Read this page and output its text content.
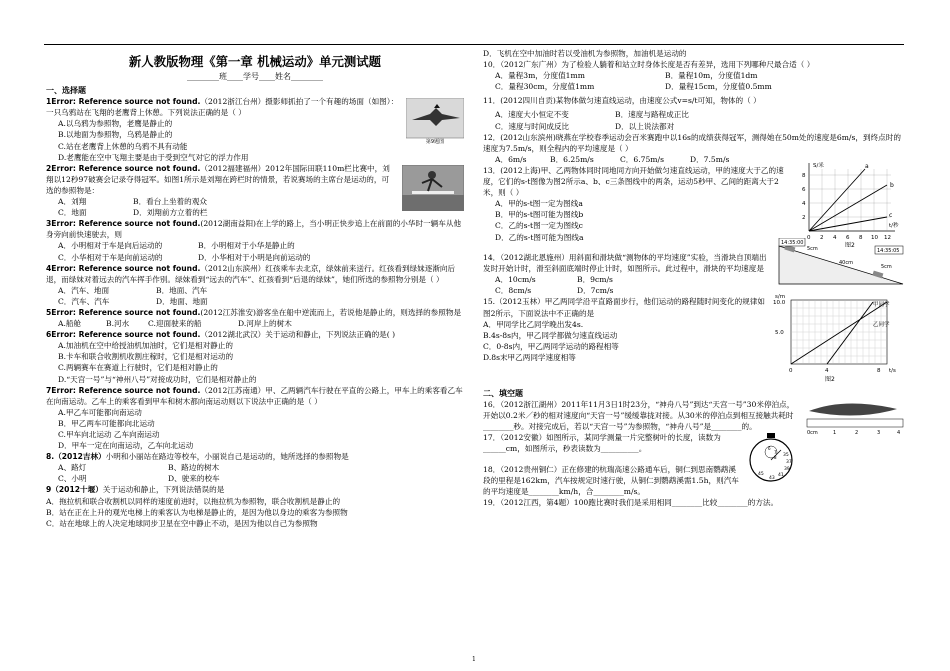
新人教版物理《第一章 机械运动》单元测试题
________班____学号____姓名________
一、选择题
第9题图
1Error: Reference source not found.（2012浙江台州）摄影师抓拍了一个有趣的场面（如图）：一只乌鸦站在飞翔的老鹰背上休憩。下列说法正确的是（ ）
A.以乌鸦为参照物，老鹰是静止的
B.以地面为参照物，乌鸦是静止的
C.站在老鹰背上休憩的乌鸦不具有动能
D.老鹰能在空中飞翔主要是由于受到空气对它的浮力作用
2Error: Reference source not found.（2012福建福州）2012年国际田联110m栏比赛中，刘翔以12秒97破赛会记录夺得冠军。如图1所示是刘翔在跨栏时的情景，若说赛场的主席台是运动的，可选的参照物是：
A．刘翔	B．看台上坐着的观众
C．地面	D．刘翔前方立着的栏
3Error: Reference source not found.(2012湖南益阳)在上学的路上，当小明正快步追上在前面的小华时一辆车从他身旁向前快速驶去，则
A．小明相对于车是向后运动的	B．小明相对于小华是静止的
C．小华相对于车是向前运动的	D．小华相对于小明是向前运动的
4Error: Reference source not found.（2012山东滨州）红孩乘车去北京，绿妹前来送行。红孩看到绿妹逐渐向后退，而绿妹对着远去的汽车挥手作别。绿妹看到“远去的汽车”、红孩看到“后退的绿妹”，她们所选的参照物分别是（ ）
A．汽车、地面	B．地面、汽车
C．汽车、汽车	D．地面、地面
5Error: Reference source not found.(2012江苏淮安)游客坐在船中逆流而上，若说他是静止的，则选择的参照物是
A.船舱	B.河水	C.迎面驶来的船	D.河岸上的树木
6Error: Reference source not found.（2012湖北武汉）关于运动和静止，下列说法正确的是( )
A.加油机在空中给授油机加油时，它们是相对静止的
B.卡车和联合收割机收割庄稼时，它们是相对运动的
C.两辆赛车在赛道上行驶时，它们是相对静止的
D.“天宫一号”与“神州八号”对接成功时，它们是相对静止的
7Error: Reference source not found.（2012江苏南通）甲、乙两辆汽车行驶在平直的公路上，甲车上的乘客看乙车在向南运动。乙车上的乘客看到甲车和树木都向南运动则以下说法中正确的是（ ）
A.甲乙车可能都向南运动
B．甲乙两车可能都向北运动
C.甲车向北运动 乙车向南运动
D．甲车一定在向南运动，乙车向北运动
8.（2012吉林）小明和小丽站在路边等校车，小丽说自己是运动的，她所选择的参照物是
A、路灯	B、路边的树木
C、小明	D、驶来的校车
9（2012十堰）关于运动和静止，下列说法错误的是
A．拖拉机和联合收割机以同样的速度前进时，以拖拉机为参照物，联合收割机是静止的
B．站在正在上升的观光电梯上的乘客认为电梯是静止的，是因为他以身边的乘客为参照物
C．站在地球上的人决定地球同步卫星在空中静止不动，是因为他以自己为参照物
D．飞机在空中加油时若以受油机为参照物，加油机是运动的
10．（2012广东广州）为了检验人躺着和站立时身体长度是否有差异，选用下列哪种尺最合适（ ）
A．量程3m，分度值1mm	B．量程10m，分度值1dm
C．量程30cm，分度值1mm	D．量程15cm，分度值0.5mm
11．(2012四川自贡)某物体做匀速直线运动，由速度公式v=s/t可知，物体的（ ）
A．速度大小恒定不变	B．速度与路程成正比
C．速度与时间成反比	D．以上说法都对
12．(2012山东滨州)晓燕在学校春季运动会百米赛跑中以16s的成绩获得冠军，测得她在50m处的速度是6m/s，到终点时的速度为7.5m/s，则全程内的平均速度是（ ）
A．6m/s	B．6.25m/s	C．6.75m/s	D．7.5m/s
a
b
c
S/米
t/秒
2
4
6
8
0 2 4 6 8 10 12
图2
13．(2012上海)甲、乙两物体同时同地同方向开始做匀速直线运动，甲的速度大于乙的速度，它们的s-t图像为图2所示a、b、c三条图线中的两条，运动5秒甲、乙间的距离大于2米，则（ ）
A．甲的s-t图一定为图线a
B．甲的s-t图可能为图线b
C．乙的s-t图一定为图线c
D．乙的s-t图可能为图线a
14:35:00
14:35:05
5cm
40cm
5cm
14．（2012湖北恩施州）用斜面和滑块做“测物体的平均速度”实验，当滑块自顶端出发时开始计时，滑至斜面底端时停止计时，如图所示。此过程中，滑块的平均速度是
A．10cm/s	B．9cm/s
C．8cm/s	D．7cm/s
s/m
t/s
5.0
10.0
0	4	8
甲同学
乙同学
图2
15.（2012玉林）甲乙两同学沿平直路面步行，他们运动的路程随时间变化的规律如图2所示，下面说法中不正确的是
A．甲同学比乙同学晚出发4s.
B.4s-8s内，甲乙同学都做匀速直线运动
C．0-8s内，甲乙两同学运动的路程相等
D.8s末甲乙两同学速度相等
二、填空题
0cm	1	2	3	4
16．（2012浙江湖州）2011年11月3日1时23分，“神舟八号”到达“天宫一号”30米停泊点，开始以0.2米／秒的相对速度向“天宫一号”缓缓靠拢对接。从30米的停泊点到相互接触共耗时________秒。对接完成后，若以“天宫一号”为参照物，“神舟八号”是________的。
35
37
39
41
43
45
6
7
8
17．（2012安徽）如图所示，某同学测量一片完整树叶的长度，读数为______cm，如图所示，秒表读数为__________。
18．（2012贵州铜仁）正在修建的杭瑞高速公路通车后，铜仁到思南鹦鹉溪段的里程是162km，汽车按规定时速行驶，从铜仁到鹦鹉溪需1.5h，则汽车的平均速度是________km/h，合________m/s。
19．（2012江西，第4题）100跑比赛时我们是采用相同________比较________的方法。
1
